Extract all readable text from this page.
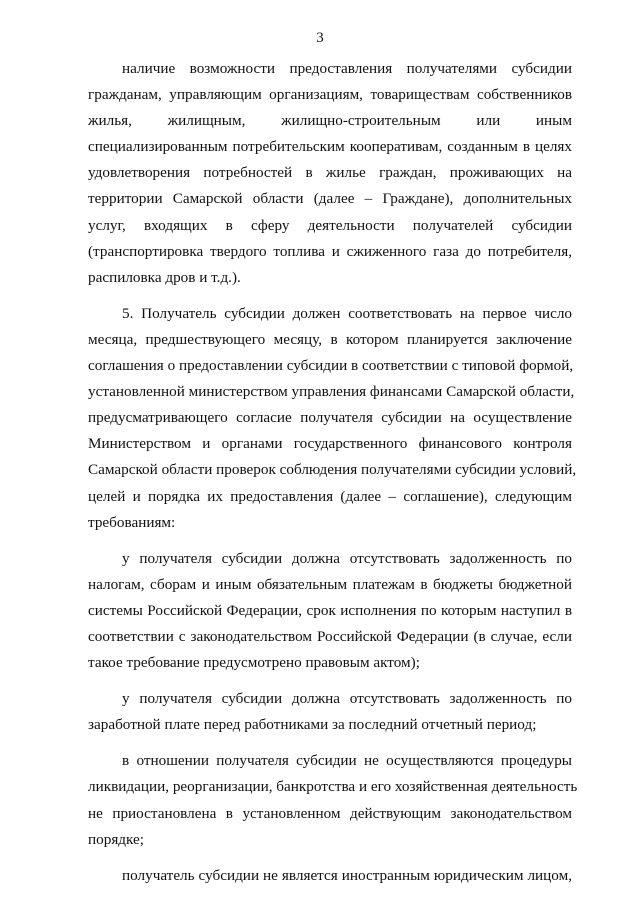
3
наличие возможности предоставления получателями субсидии
гражданам, управляющим организациям, товариществам собственников
жилья, жилищным, жилищно-строительным или иным
специализированным потребительским кооперативам, созданным в целях
удовлетворения потребностей в жилье граждан, проживающих на
территории Самарской области (далее – Граждане), дополнительных
услуг, входящих в сферу деятельности получателей субсидии
(транспортировка твердого топлива и сжиженного газа до потребителя,
распиловка дров и т.д.).
5. Получатель субсидии должен соответствовать на первое число
месяца, предшествующего месяцу, в котором планируется заключение
соглашения о предоставлении субсидии в соответствии с типовой формой,
установленной министерством управления финансами Самарской области,
предусматривающего согласие получателя субсидии на осуществление
Министерством и органами государственного финансового контроля
Самарской области проверок соблюдения получателями субсидии условий,
целей и порядка их предоставления (далее – соглашение), следующим
требованиям:
у получателя субсидии должна отсутствовать задолженность по
налогам, сборам и иным обязательным платежам в бюджеты бюджетной
системы Российской Федерации, срок исполнения по которым наступил в
соответствии с законодательством Российской Федерации (в случае, если
такое требование предусмотрено правовым актом);
у получателя субсидии должна отсутствовать задолженность по
заработной плате перед работниками за последний отчетный период;
в отношении получателя субсидии не осуществляются процедуры
ликвидации, реорганизации, банкротства и его хозяйственная деятельность
не приостановлена в установленном действующим законодательством
порядке;
получатель субсидии не является иностранным юридическим лицом,
